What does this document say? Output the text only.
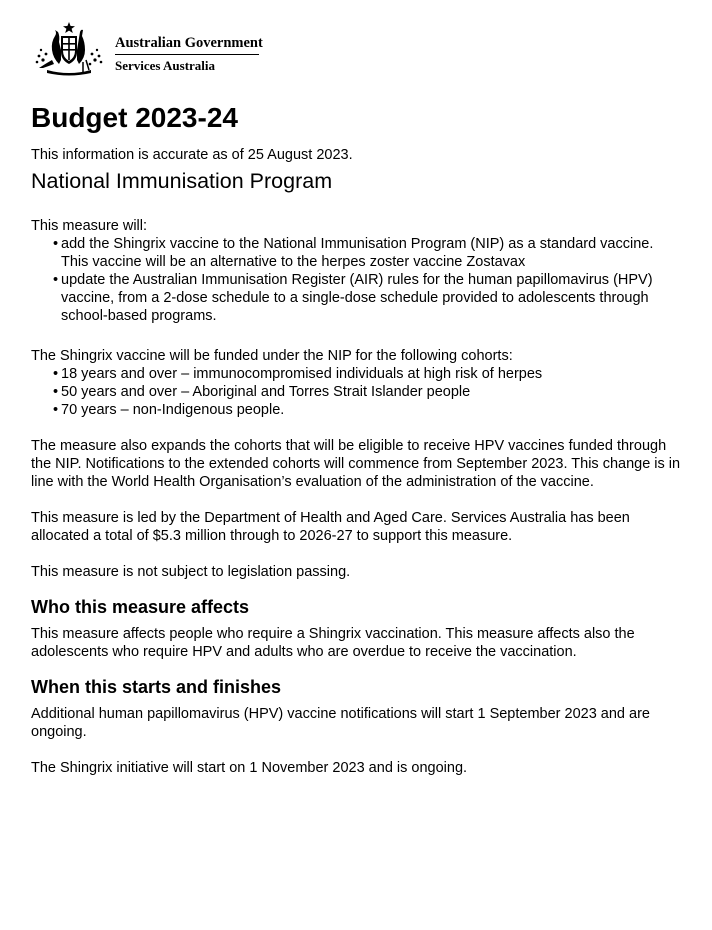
Australian Government
Services Australia
Budget 2023-24

This information is accurate as of 25 August 2023.

National Immunisation Program

This measure will:

•
add the Shingrix vaccine to the National Immunisation Program (NIP) as a standard vaccine. This vaccine will be an alternative to the herpes zoster vaccine Zostavax
•
update the Australian Immunisation Register (AIR) rules for the human papillomavirus (HPV) vaccine, from a 2-dose schedule to a single-dose schedule provided to adolescents through school-based programs.

The Shingrix vaccine will be funded under the NIP for the following cohorts:

•
18 years and over – immunocompromised individuals at high risk of herpes
•
50 years and over – Aboriginal and Torres Strait Islander people
•
70 years – non-Indigenous people.

The measure also expands the cohorts that will be eligible to receive HPV vaccines funded through the NIP. Notifications to the extended cohorts will commence from September 2023. This change is in line with the World Health Organisation’s evaluation of the administration of the vaccine.

This measure is led by the Department of Health and Aged Care. Services Australia has been allocated a total of $5.3 million through to 2026-27 to support this measure.

This measure is not subject to legislation passing.

Who this measure affects

This measure affects people who require a Shingrix vaccination. This measure affects also the adolescents who require HPV and adults who are overdue to receive the vaccination.

When this starts and finishes

Additional human papillomavirus (HPV) vaccine notifications will start 1 September 2023 and are ongoing.

The Shingrix initiative will start on 1 November 2023 and is ongoing.
